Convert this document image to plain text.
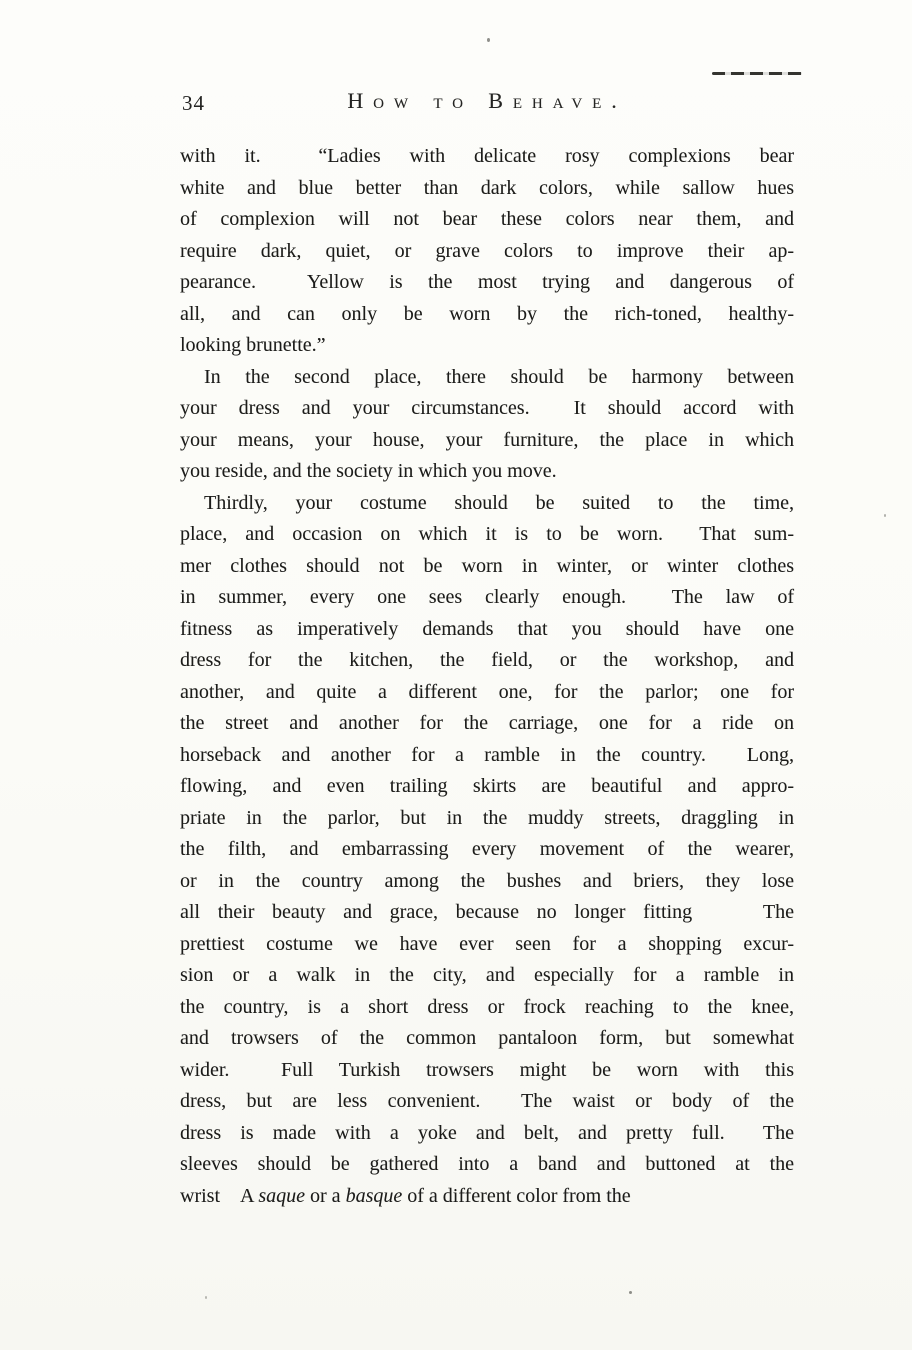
34	How to Behave.
with it.  “Ladies with delicate rosy complexions bear
white and blue better than dark colors, while sallow hues
of complexion will not bear these colors near them, and
require dark, quiet, or grave colors to improve their ap-
pearance.  Yellow is the most trying and dangerous of
all, and can only be worn by the rich-toned, healthy-
looking brunette.”
In the second place, there should be harmony between
your dress and your circumstances.  It should accord with
your means, your house, your furniture, the place in which
you reside, and the society in which you move.
Thirdly, your costume should be suited to the time,
place, and occasion on which it is to be worn.  That sum-
mer clothes should not be worn in winter, or winter clothes
in summer, every one sees clearly enough.  The law of
fitness as imperatively demands that you should have one
dress for the kitchen, the field, or the workshop, and
another, and quite a different one, for the parlor; one for
the street and another for the carriage, one for a ride on
horseback and another for a ramble in the country.  Long,
flowing, and even trailing skirts are beautiful and appro-
priate in the parlor, but in the muddy streets, draggling in
the filth, and embarrassing every movement of the wearer,
or in the country among the bushes and briers, they lose
all their beauty and grace, because no longer fitting    The
prettiest costume we have ever seen for a shopping excur-
sion or a walk in the city, and especially for a ramble in
the country, is a short dress or frock reaching to the knee,
and trowsers of the common pantaloon form, but somewhat
wider.  Full Turkish trowsers might be worn with this
dress, but are less convenient.  The waist or body of the
dress is made with a yoke and belt, and pretty full.  The
sleeves should be gathered into a band and buttoned at the
wrist    A saque or a basque of a different color from the
